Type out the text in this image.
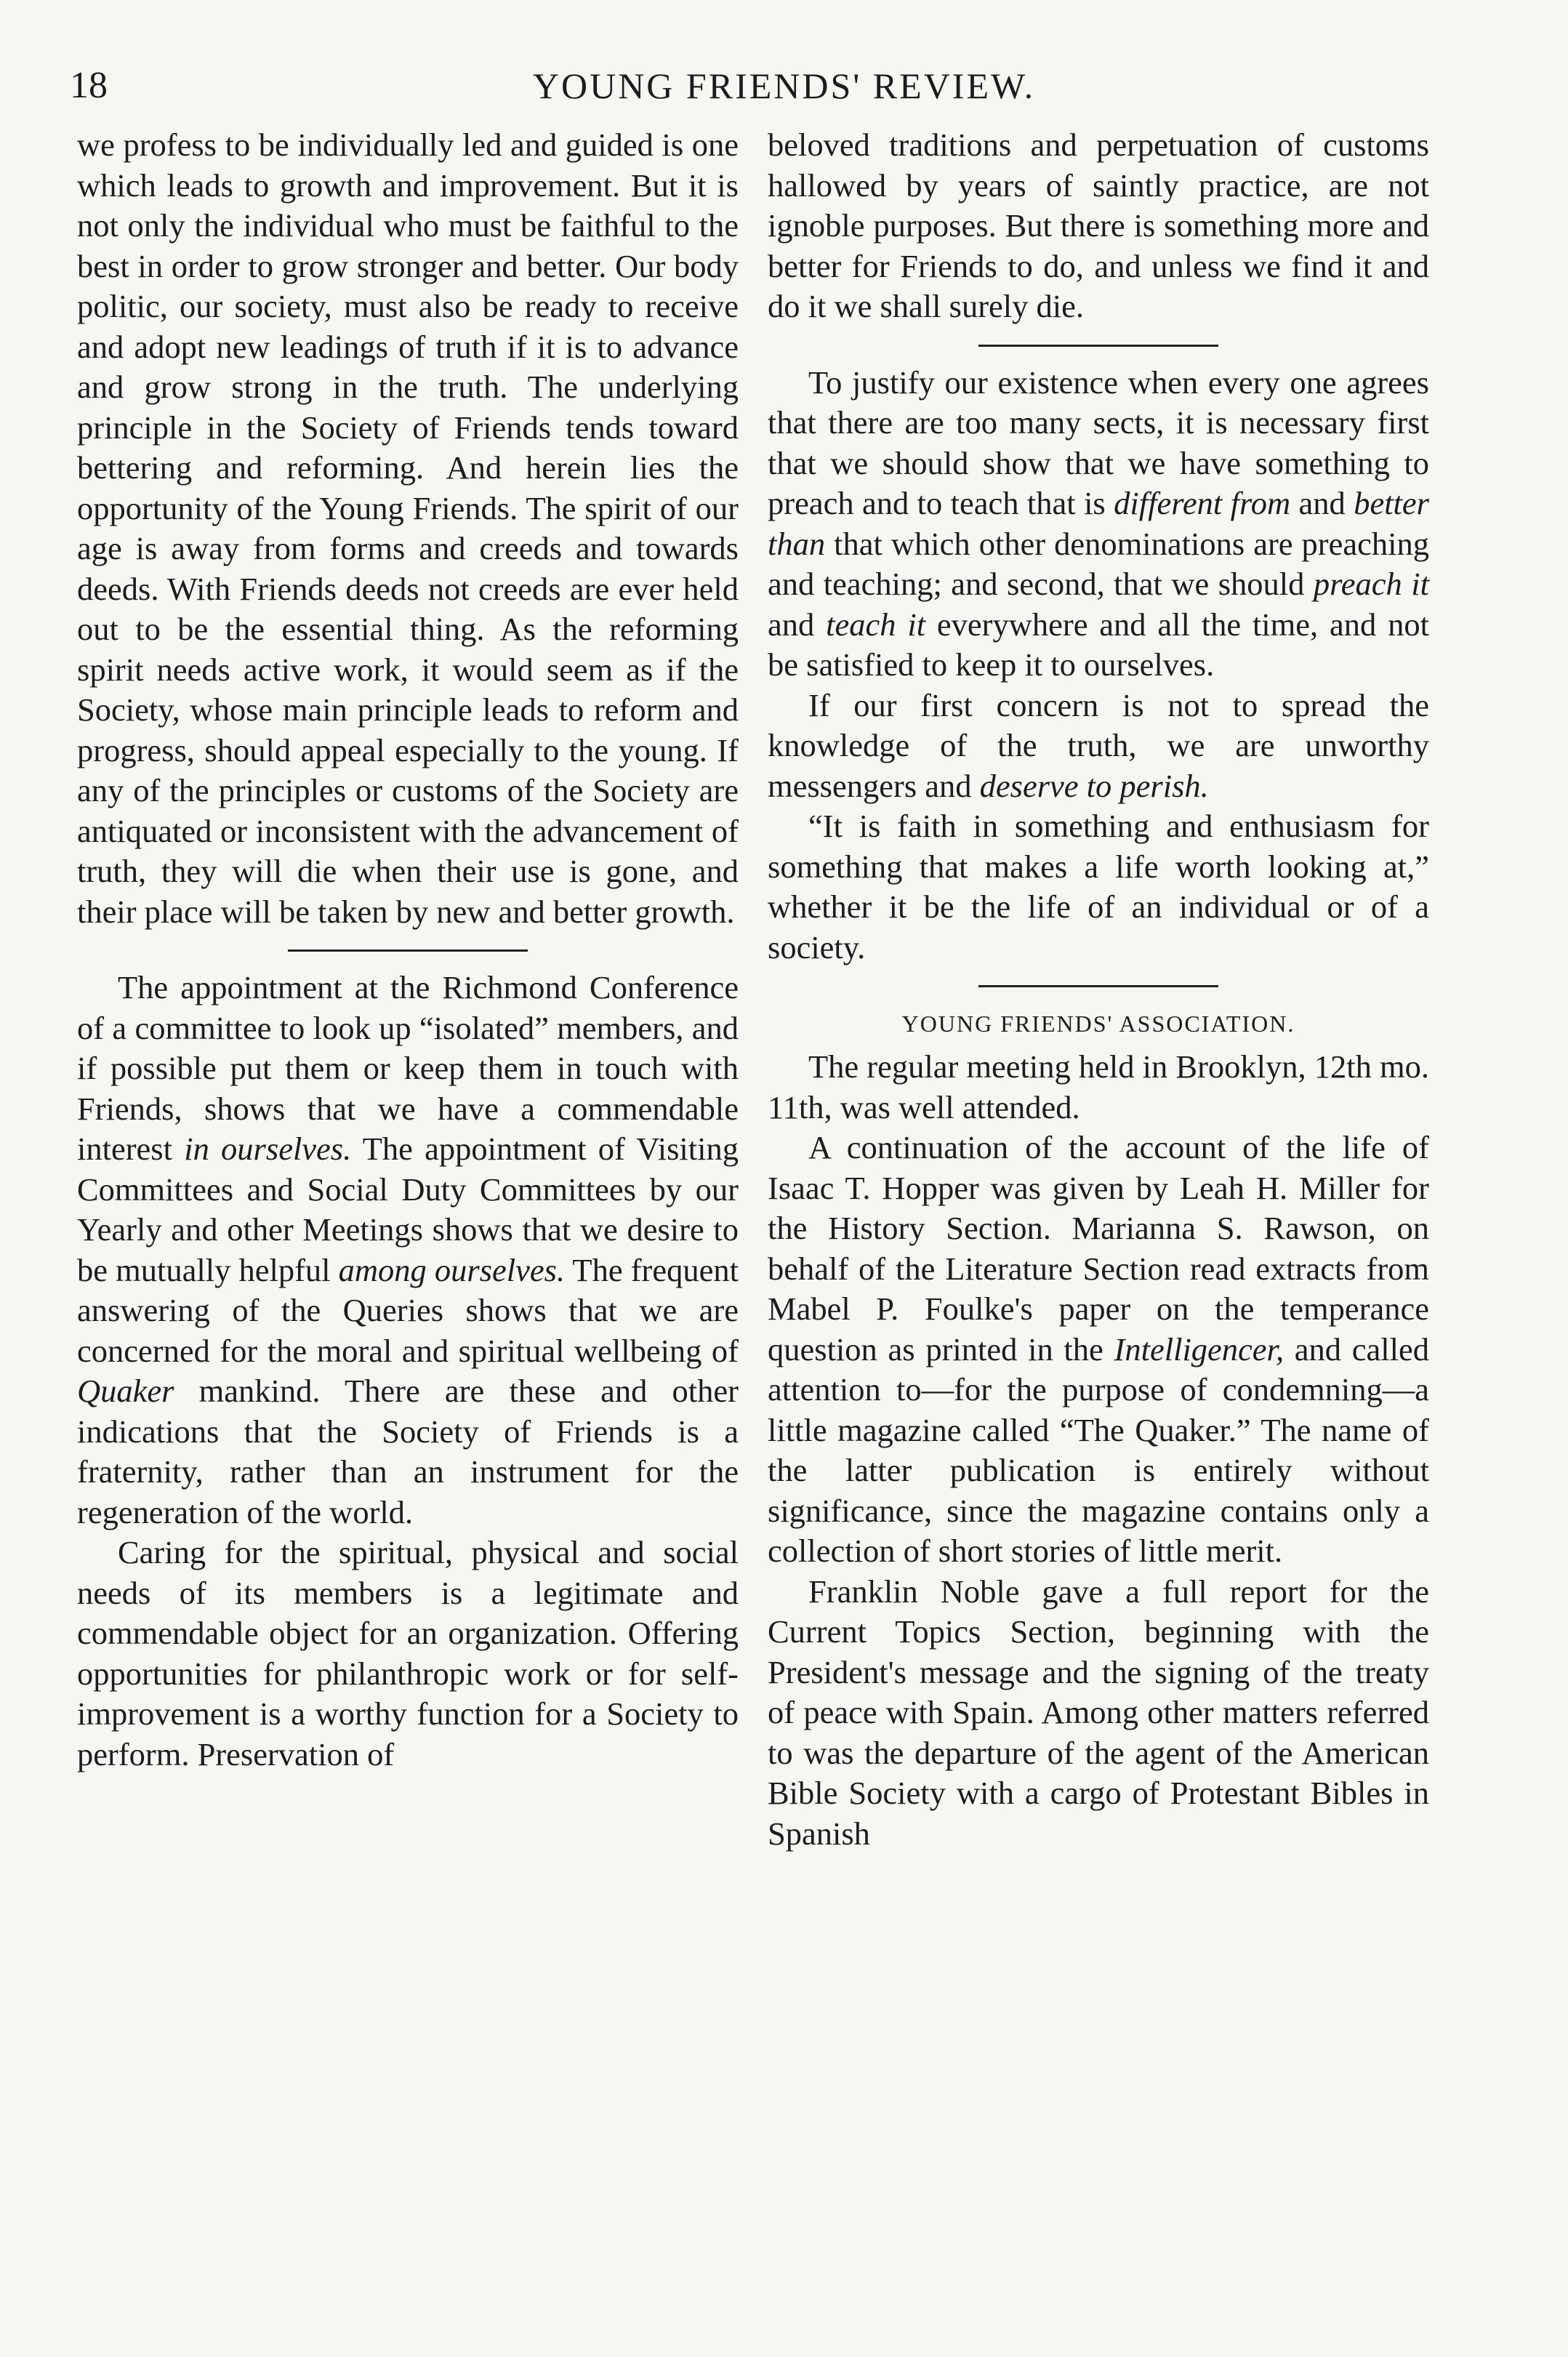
18	YOUNG FRIENDS' REVIEW.

we profess to be individually led and guided is one which leads to growth and improvement. But it is not only the individual who must be faithful to the best in order to grow stronger and better. Our body politic, our society, must also be ready to receive and adopt new leadings of truth if it is to advance and grow strong in the truth. The underlying principle in the Society of Friends tends toward bettering and reforming. And herein lies the opportunity of the Young Friends. The spirit of our age is away from forms and creeds and towards deeds. With Friends deeds not creeds are ever held out to be the essential thing. As the reforming spirit needs active work, it would seem as if the Society, whose main principle leads to reform and progress, should appeal especially to the young. If any of the principles or customs of the Society are antiquated or inconsistent with the advancement of truth, they will die when their use is gone, and their place will be taken by new and better growth.

The appointment at the Richmond Conference of a committee to look up “isolated” members, and if possible put them or keep them in touch with Friends, shows that we have a commendable interest in ourselves. The appointment of Visiting Committees and Social Duty Committees by our Yearly and other Meetings shows that we desire to be mutually helpful among ourselves. The frequent answering of the Queries shows that we are concerned for the moral and spiritual wellbeing of Quaker mankind. There are these and other indications that the Society of Friends is a fraternity, rather than an instrument for the regeneration of the world.

Caring for the spiritual, physical and social needs of its members is a legitimate and commendable object for an organization. Offering opportunities for philanthropic work or for self-improvement is a worthy function for a Society to perform. Preservation of

beloved traditions and perpetuation of customs hallowed by years of saintly practice, are not ignoble purposes. But there is something more and better for Friends to do, and unless we find it and do it we shall surely die.

To justify our existence when every one agrees that there are too many sects, it is necessary first that we should show that we have something to preach and to teach that is different from and better than that which other denominations are preaching and teaching; and second, that we should preach it and teach it everywhere and all the time, and not be satisfied to keep it to ourselves.

If our first concern is not to spread the knowledge of the truth, we are unworthy messengers and deserve to perish.

“It is faith in something and enthusiasm for something that makes a life worth looking at,” whether it be the life of an individual or of a society.

YOUNG FRIENDS' ASSOCIATION.

The regular meeting held in Brooklyn, 12th mo. 11th, was well attended.

A continuation of the account of the life of Isaac T. Hopper was given by Leah H. Miller for the History Section. Marianna S. Rawson, on behalf of the Literature Section read extracts from Mabel P. Foulke's paper on the temperance question as printed in the Intelligencer, and called attention to—for the purpose of condemning—a little magazine called “The Quaker.” The name of the latter publication is entirely without significance, since the magazine contains only a collection of short stories of little merit.

Franklin Noble gave a full report for the Current Topics Section, beginning with the President's message and the signing of the treaty of peace with Spain. Among other matters referred to was the departure of the agent of the American Bible Society with a cargo of Protestant Bibles in Spanish
